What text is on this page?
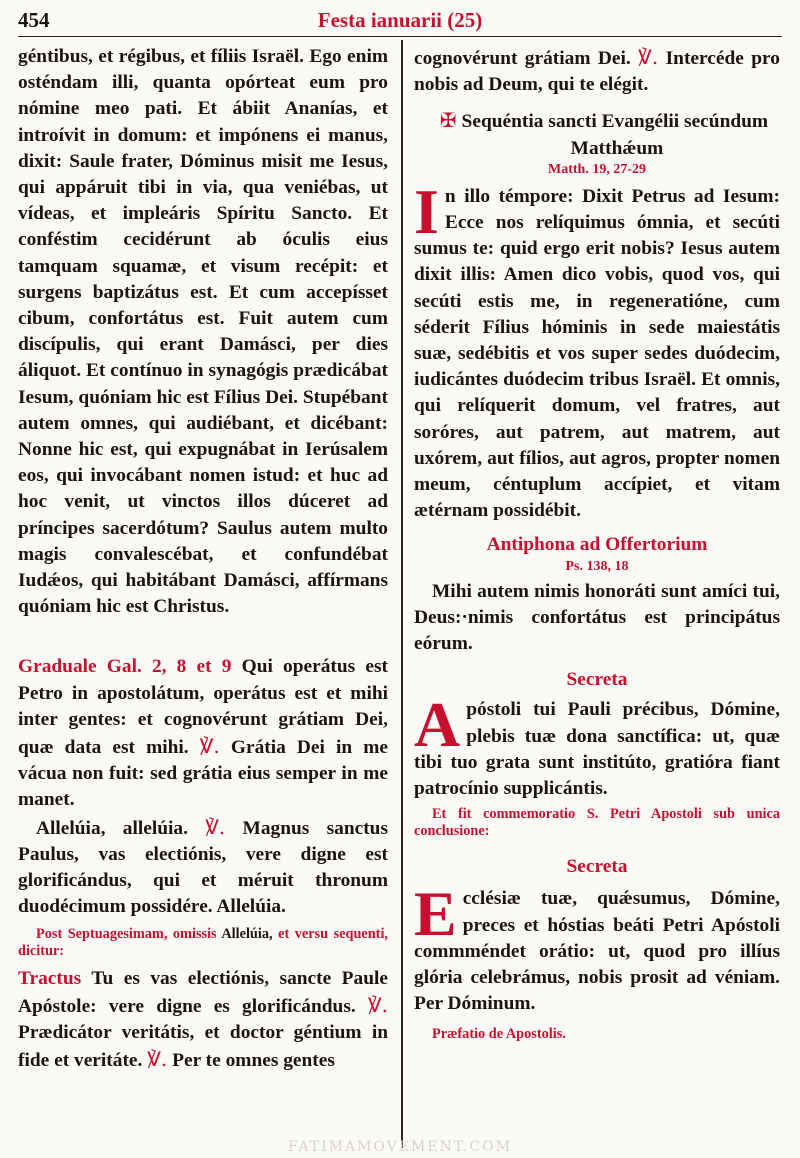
454	Festa ianuarii (25)

géntibus, et régibus, et fíliis Israël. Ego enim osténdam illi, quanta opórteat eum pro nómine meo pati. Et ábiit Ananías, et introívit in domum: et impónens ei manus, dixit: Saule frater, Dóminus misit me Iesus, qui appáruit tibi in via, qua veniébas, ut vídeas, et impleáris Spíritu Sancto. Et conféstim cecidérunt ab óculis eius tamquam squamæ, et visum recépit: et surgens baptizátus est. Et cum accepísset cibum, confortátus est. Fuit autem cum discípulis, qui erant Damásci, per dies áliquot. Et contínuo in synagógis prædicábat Iesum, quóniam hic est Fílius Dei. Stupébant autem omnes, qui audiébant, et dicébant: Nonne hic est, qui expugnábat in Ierúsalem eos, qui invocábant nomen istud: et huc ad hoc venit, ut vinctos illos dúceret ad príncipes sacerdótum? Saulus autem multo magis convalescébat, et confundébat Iudǽos, qui habitábant Damásci, affírmans quóniam hic est Christus.

Graduale Gal. 2, 8 et 9 Qui operátus est Petro in apostolátum, operátus est et mihi inter gentes: et cognovérunt grátiam Dei, quæ data est mihi. ℣. Grátia Dei in me vácua non fuit: sed grátia eius semper in me manet.

Allelúia, allelúia. ℣. Magnus sanctus Paulus, vas electiónis, vere digne est glorificándus, qui et méruit thronum duodécimum possidére. Allelúia.

Post Septuagesimam, omissis Allelúia, et versu sequenti, dicitur:

Tractus Tu es vas electiónis, sancte Paule Apóstole: vere digne es glorificándus. ℣. Prædicátor veritátis, et doctor géntium in fide et veritáte. ℣. Per te omnes gentes

cognovérunt grátiam Dei. ℣. Intercéde pro nobis ad Deum, qui te elégit.

✠ Sequéntia sancti Evangélii secúndum Matthǽum

Matth. 19, 27-29

In illo témpore: Dixit Petrus ad Iesum: Ecce nos relíquimus ómnia, et secúti sumus te: quid ergo erit nobis? Iesus autem dixit illis: Amen dico vobis, quod vos, qui secúti estis me, in regeneratióne, cum séderit Fílius hóminis in sede maiestátis suæ, sedébitis et vos super sedes duódecim, iudicántes duódecim tribus Israël. Et omnis, qui relíquerit domum, vel fratres, aut soróres, aut patrem, aut matrem, aut uxórem, aut fílios, aut agros, propter nomen meum, céntuplum accípiet, et vitam ætérnam possidébit.

Antiphona ad Offertorium
Ps. 138, 18

Mihi autem nimis honoráti sunt amíci tui, Deus:·nimis confortátus est principátus eórum.

Secreta

Apóstoli tui Pauli précibus, Dómine, plebis tuæ dona sanctífica: ut, quæ tibi tuo grata sunt institúto, gratióra fiant patrocínio supplicántis.

Et fit commemoratio S. Petri Apostoli sub unica conclusione:

Secreta

Ecclésiæ tuæ, quǽsumus, Dómine, preces et hóstias beáti Petri Apóstoli commméndet orátio: ut, quod pro illíus glória celebrámus, nobis prosit ad véniam. Per Dóminum.

Præfatio de Apostolis.

FATIMAMOVEMENT.COM
